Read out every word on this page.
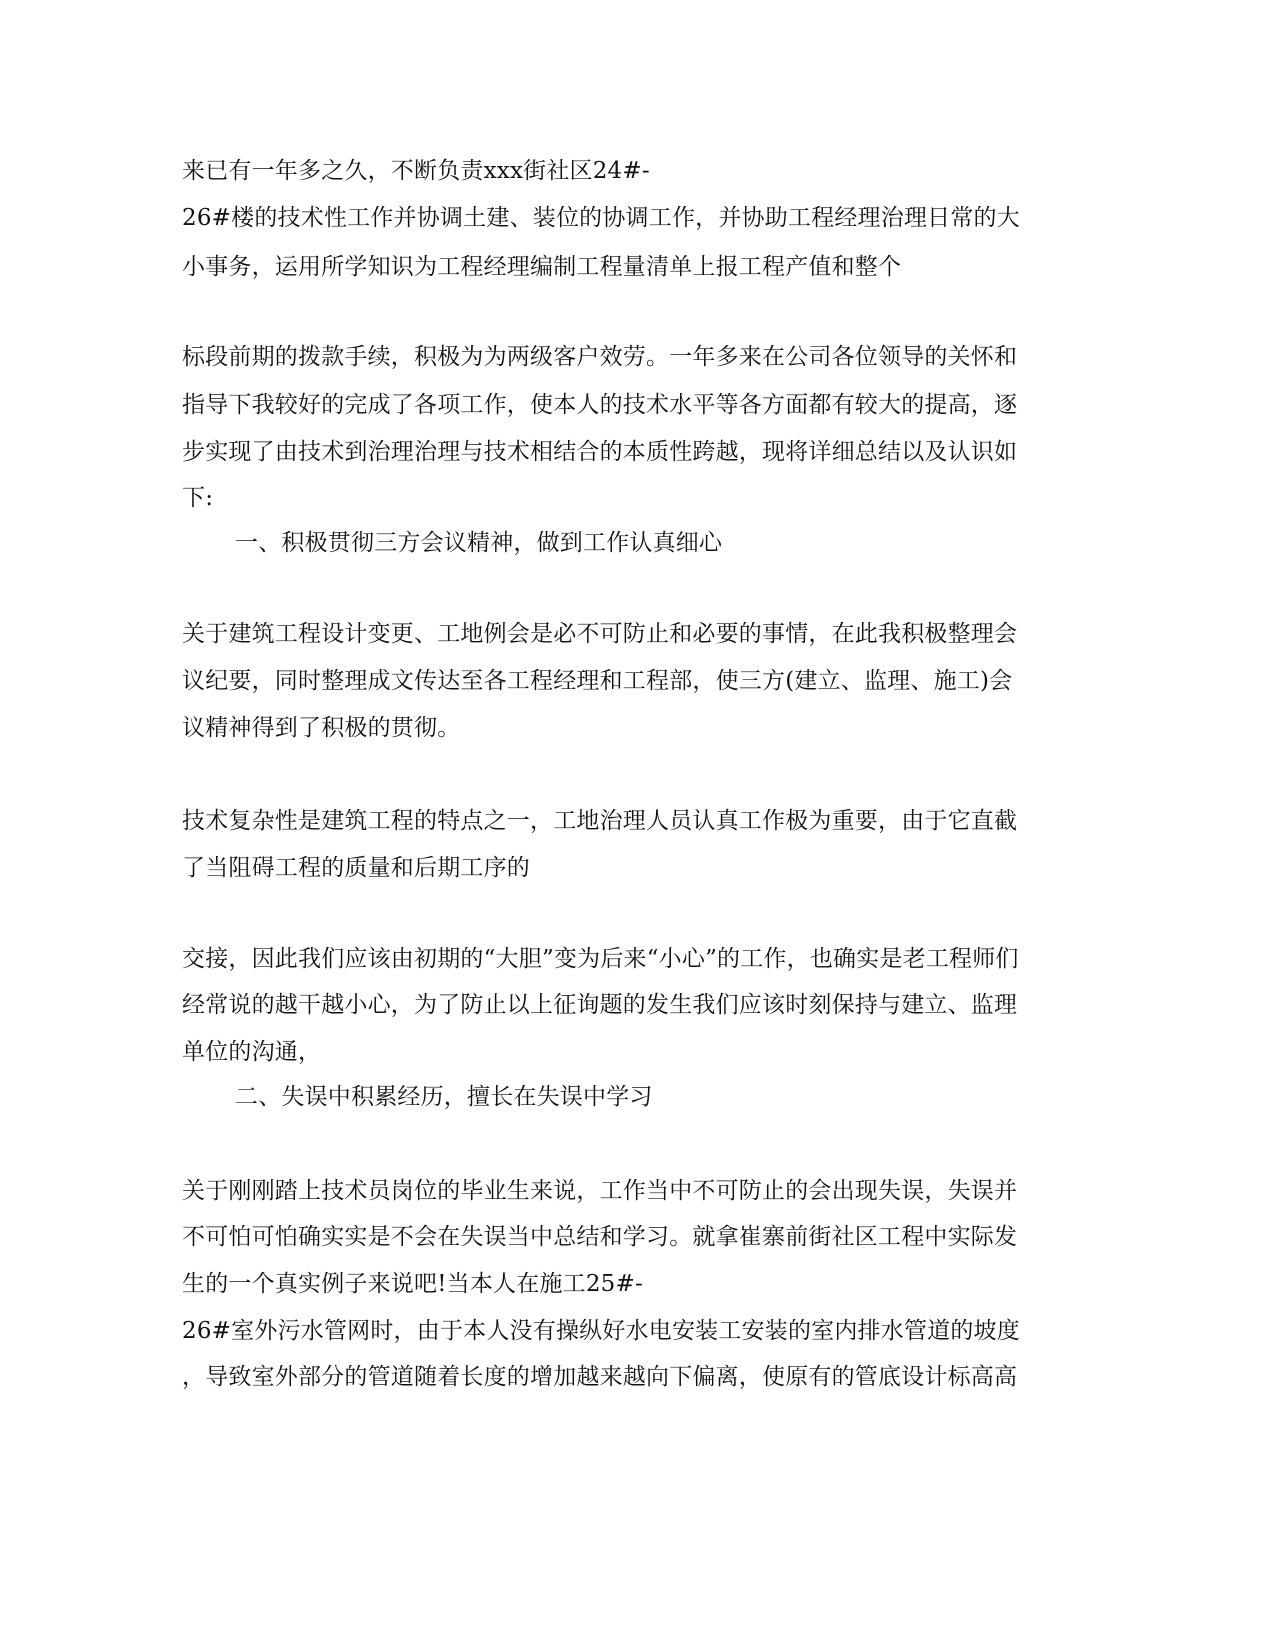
来已有一年多之久，不断负责xxx街社区24#-
26#楼的技术性工作并协调土建、装位的协调工作，并协助工程经理治理日常的大
小事务，运用所学知识为工程经理编制工程量清单上报工程产值和整个
标段前期的拨款手续，积极为为两级客户效劳。一年多来在公司各位领导的关怀和
指导下我较好的完成了各项工作，使本人的技术水平等各方面都有较大的提高，逐
步实现了由技术到治理治理与技术相结合的本质性跨越，现将详细总结以及认识如
下:
一、积极贯彻三方会议精神，做到工作认真细心
关于建筑工程设计变更、工地例会是必不可防止和必要的事情，在此我积极整理会
议纪要，同时整理成文传达至各工程经理和工程部，使三方(建立、监理、施工)会
议精神得到了积极的贯彻。
技术复杂性是建筑工程的特点之一，工地治理人员认真工作极为重要，由于它直截
了当阻碍工程的质量和后期工序的
交接，因此我们应该由初期的“大胆”变为后来“小心”的工作，也确实是老工程师们
经常说的越干越小心，为了防止以上征询题的发生我们应该时刻保持与建立、监理
单位的沟通，
二、失误中积累经历，擅长在失误中学习
关于刚刚踏上技术员岗位的毕业生来说，工作当中不可防止的会出现失误，失误并
不可怕可怕确实实是不会在失误当中总结和学习。就拿崔寨前街社区工程中实际发
生的一个真实例子来说吧!当本人在施工25#-
26#室外污水管网时，由于本人没有操纵好水电安装工安装的室内排水管道的坡度
，导致室外部分的管道随着长度的增加越来越向下偏离，使原有的管底设计标高高
